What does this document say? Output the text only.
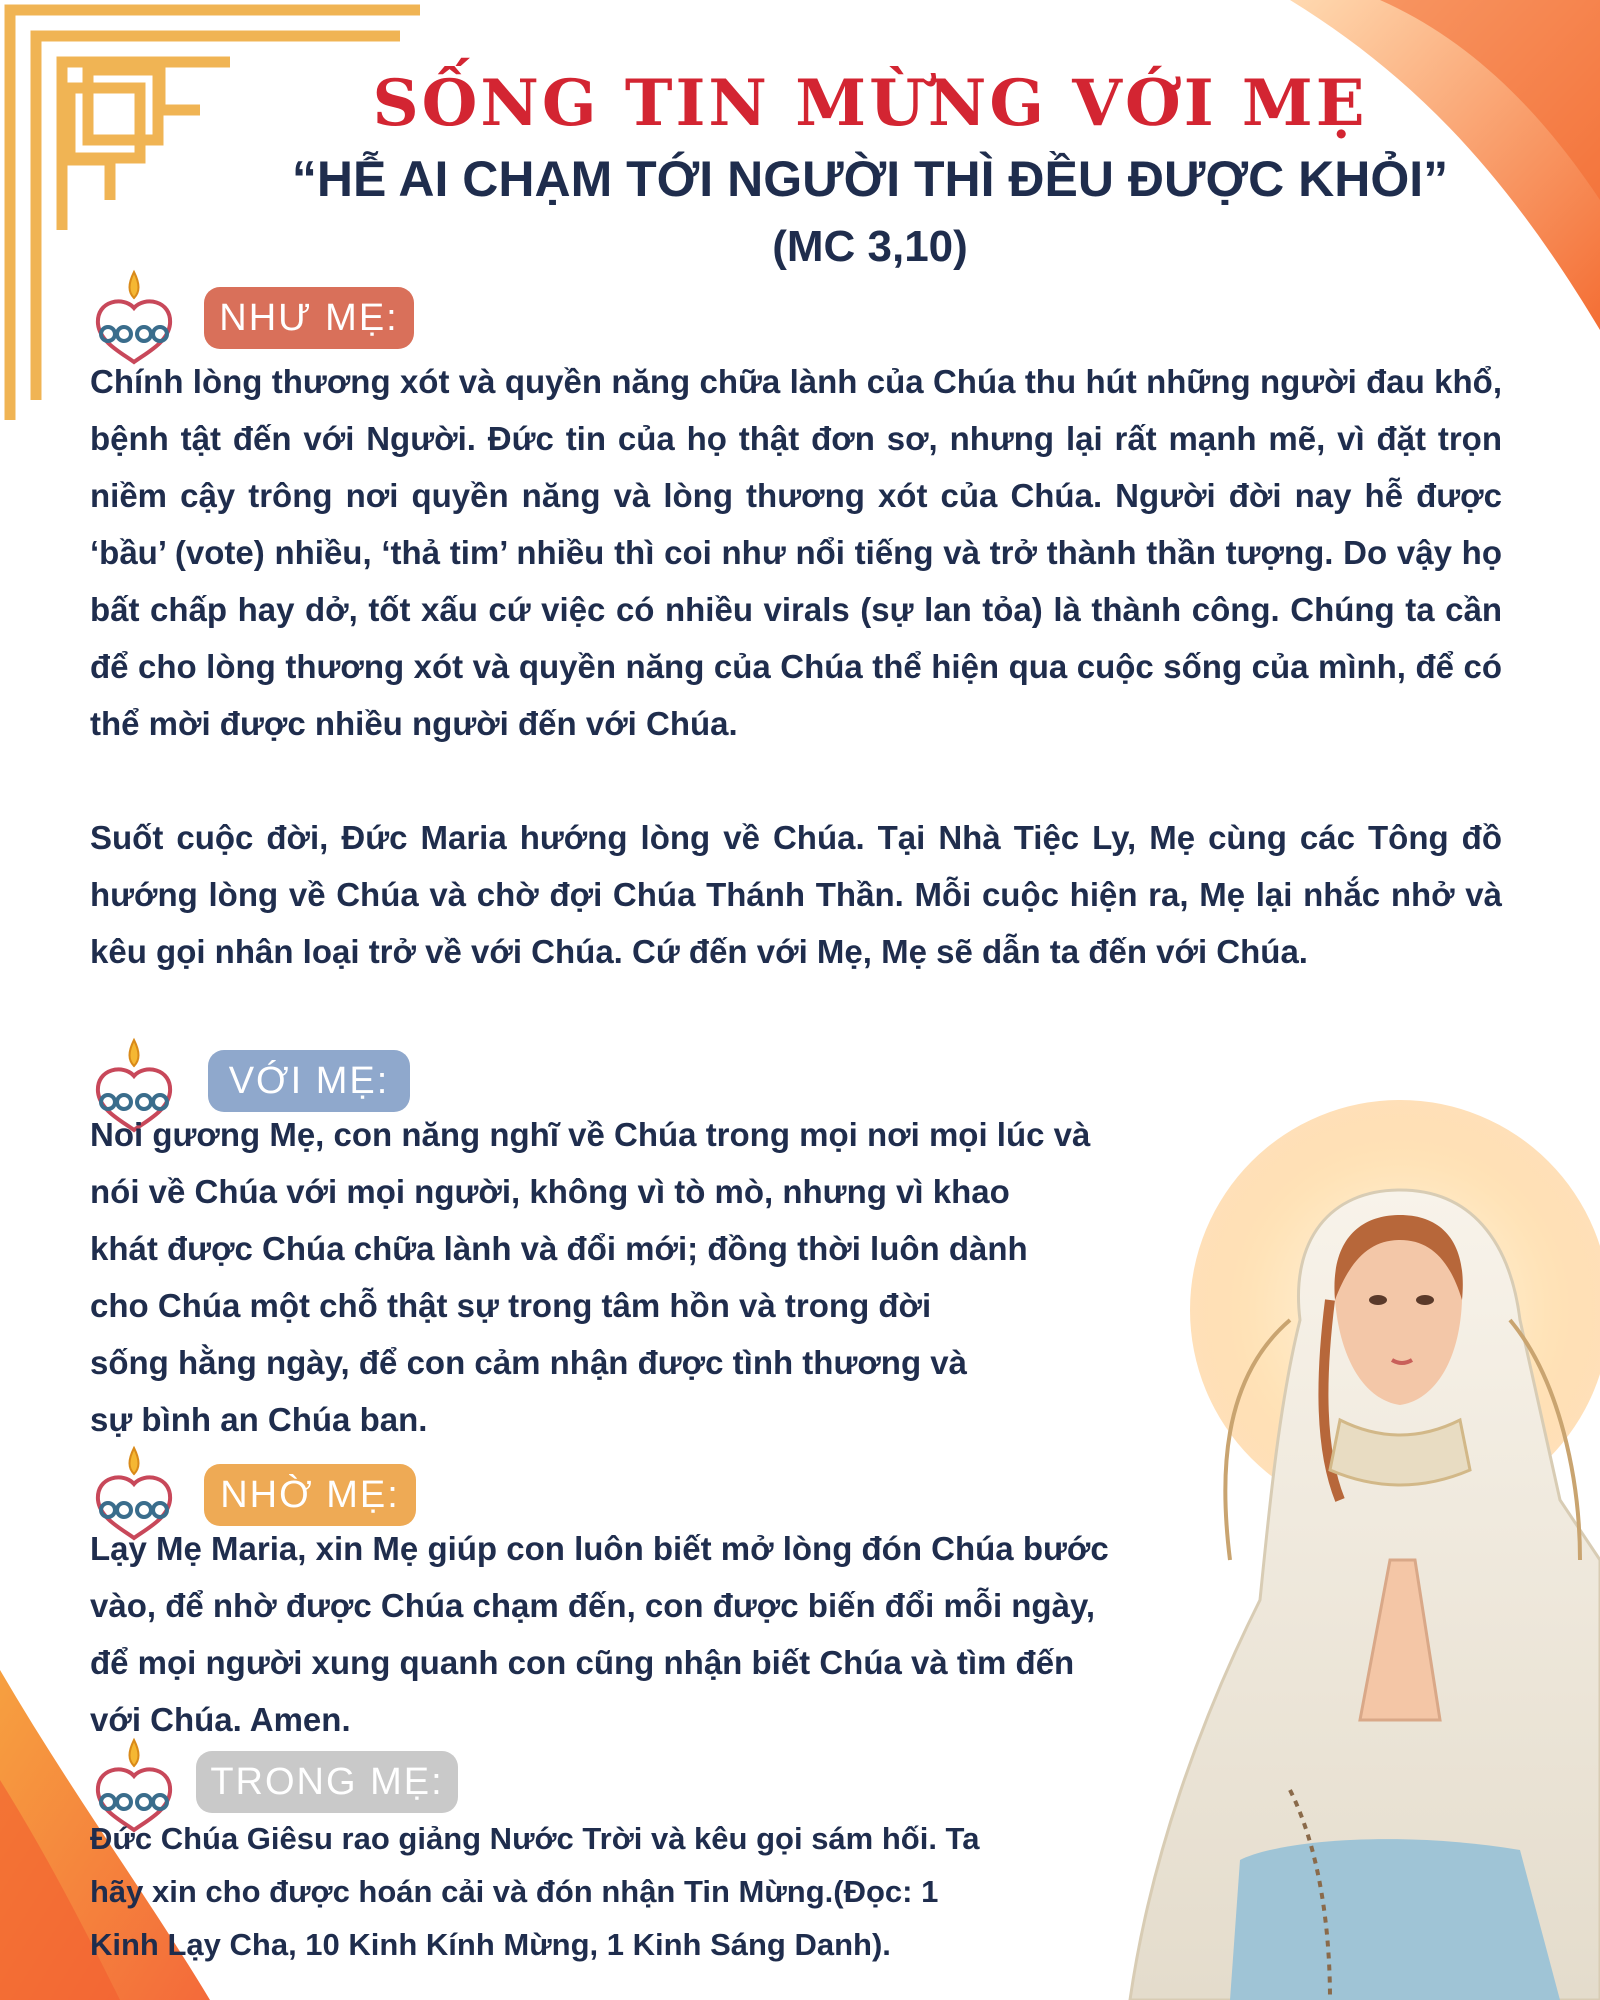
SỐNG TIN MỪNG VỚI MẸ
“HỄ AI CHẠM TỚI NGƯỜI THÌ ĐỀU ĐƯỢC KHỎI”
(MC 3,10)
NHƯ MẸ:

Chính lòng thương xót và quyền năng chữa lành của Chúa thu hút những người đau khổ, bệnh tật đến với Người. Đức tin của họ thật đơn sơ, nhưng lại rất mạnh mẽ, vì đặt trọn niềm cậy trông nơi quyền năng và lòng thương xót của Chúa. Người đời nay hễ được ‘bầu’ (vote) nhiều, ‘thả tim’ nhiều thì coi như nổi tiếng và trở thành thần tượng. Do vậy họ bất chấp hay dở, tốt xấu cứ việc có nhiều virals (sự lan tỏa) là thành công. Chúng ta cần để cho lòng thương xót và quyền năng của Chúa thể hiện qua cuộc sống của mình, để có thể mời được nhiều người đến với Chúa.

Suốt cuộc đời, Đức Maria hướng lòng về Chúa. Tại Nhà Tiệc Ly, Mẹ cùng các Tông đồ hướng lòng về Chúa và chờ đợi Chúa Thánh Thần. Mỗi cuộc hiện ra, Mẹ lại nhắc nhở và kêu gọi nhân loại trở về với Chúa. Cứ đến với Mẹ, Mẹ sẽ dẫn ta đến với Chúa.

VỚI MẸ:
Noi gương Mẹ, con năng nghĩ về Chúa trong mọi nơi mọi lúc và
nói về Chúa với mọi người, không vì tò mò, nhưng vì khao
khát được Chúa chữa lành và đổi mới; đồng thời luôn dành
cho Chúa một chỗ thật sự trong tâm hồn và trong đời
sống hằng ngày, để con cảm nhận được tình thương và
sự bình an Chúa ban.
NHỜ MẸ:
Lạy Mẹ Maria, xin Mẹ giúp con luôn biết mở lòng đón Chúa bước
vào, để nhờ được Chúa chạm đến, con được biến đổi mỗi ngày,
để mọi người xung quanh con cũng nhận biết Chúa và tìm đến
với Chúa. Amen.
TRONG MẸ:
Đức Chúa Giêsu rao giảng Nước Trời và kêu gọi sám hối. Ta
hãy xin cho được hoán cải và đón nhận Tin Mừng.(Đọc: 1
Kinh Lạy Cha, 10 Kinh Kính Mừng, 1 Kinh Sáng Danh).
